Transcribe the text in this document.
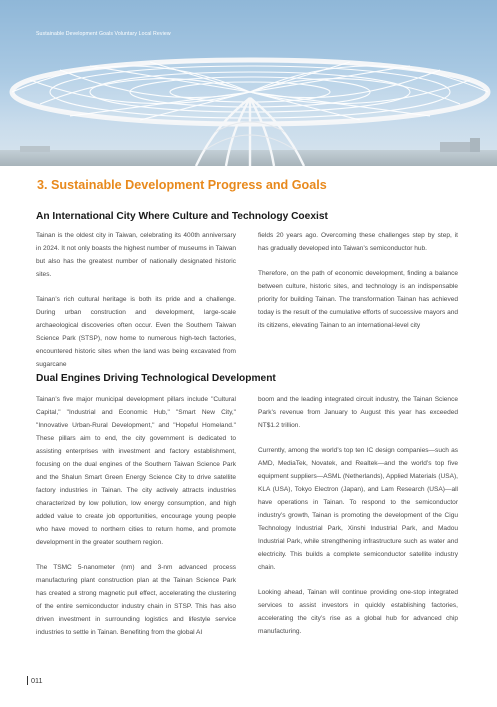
Sustainable Development Goals Voluntary Local Review
3. Sustainable Development Progress and Goals
An International City Where Culture and Technology Coexist

Tainan is the oldest city in Taiwan, celebrating its 400th anniversary in 2024. It not only boasts the highest number of museums in Taiwan but also has the greatest number of nationally designated historic sites.

Tainan’s rich cultural heritage is both its pride and a challenge. During urban construction and development, large-scale archaeological discoveries often occur. Even the Southern Taiwan Science Park (STSP), now home to numerous high-tech factories, encountered historic sites when the land was being excavated from sugarcane

fields 20 years ago. Overcoming these challenges step by step, it has gradually developed into Taiwan’s semiconductor hub.

Therefore, on the path of economic development, finding a balance between culture, historic sites, and technology is an indispensable priority for building Tainan. The transformation Tainan has achieved today is the result of the cumulative efforts of successive mayors and its citizens, elevating Tainan to an international-level city

Dual Engines Driving Technological Development

Tainan’s five major municipal development pillars include "Cultural Capital," "Industrial and Economic Hub," "Smart New City," "Innovative Urban-Rural Development," and "Hopeful Homeland." These pillars aim to end, the city government is dedicated to assisting enterprises with investment and factory establishment, focusing on the dual engines of the Southern Taiwan Science Park and the Shalun Smart Green Energy Science City to drive satellite factory industries in Tainan. The city actively attracts industries characterized by low pollution, low energy consumption, and high added value to create job opportunities, encourage young people who have moved to northern cities to return home, and promote development in the greater southern region.

The TSMC 5-nanometer (nm) and 3-nm advanced process manufacturing plant construction plan at the Tainan Science Park has created a strong magnetic pull effect, accelerating the clustering of the entire semiconductor industry chain in STSP. This has also driven investment in surrounding logistics and lifestyle service industries to settle in Tainan. Benefiting from the global AI

boom and the leading integrated circuit industry, the Tainan Science Park’s revenue from January to August this year has exceeded NT$1.2 trillion.

Currently, among the world’s top ten IC design companies—such as AMD, MediaTek, Novatek, and Realtek—and the world’s top five equipment suppliers—ASML (Netherlands), Applied Materials (USA), KLA (USA), Tokyo Electron (Japan), and Lam Research (USA)—all have operations in Tainan. To respond to the semiconductor industry’s growth, Tainan is promoting the development of the Cigu Technology Industrial Park, Xinshi Industrial Park, and Madou Industrial Park, while strengthening infrastructure such as water and electricity. This builds a complete semiconductor satellite industry chain.

Looking ahead, Tainan will continue providing one-stop integrated services to assist investors in quickly establishing factories, accelerating the city’s rise as a global hub for advanced chip manufacturing.

011
